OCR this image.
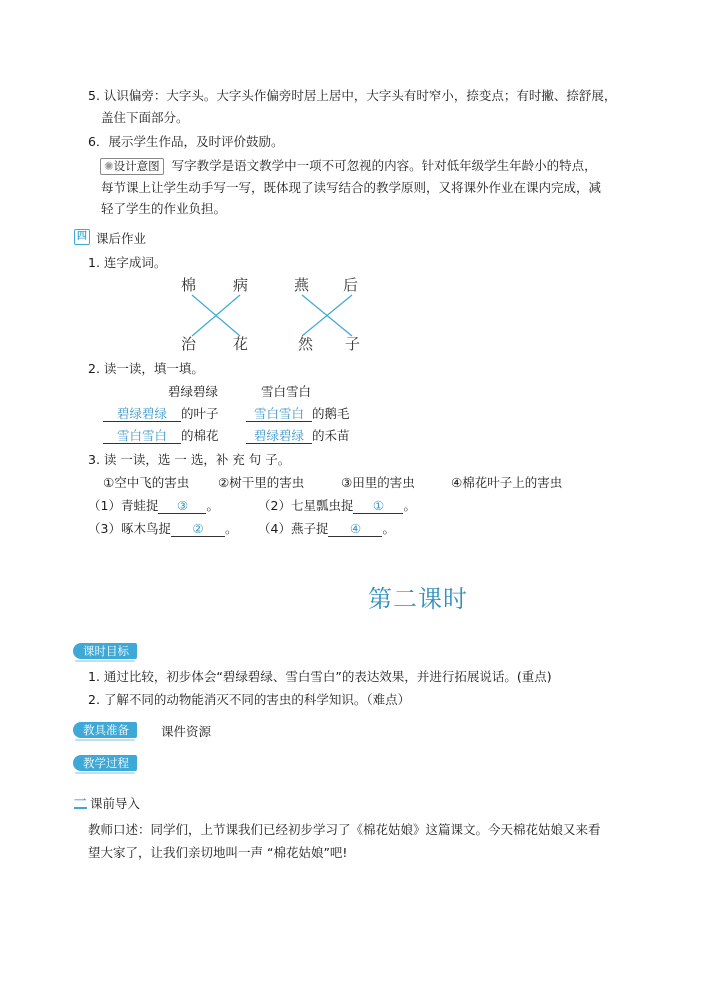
5. 认识偏旁：大字头。大字头作偏旁时居上居中，大字头有时窄小，捺变点；有时撇、捺舒展，
盖住下面部分。
6．展示学生作品，及时评价鼓励。
✺设计意图 写字教学是语文教学中一项不可忽视的内容。针对低年级学生年龄小的特点，
每节课上让学生动手写一写，既体现了读写结合的教学原则，又将课外作业在课内完成，减
轻了学生的作业负担。
四 课后作业
1. 连字成词。
棉 病	燕 后
治 花	然 子
2. 读一读，填一填。
碧绿碧绿	雪白雪白
碧绿碧绿 的叶子	雪白雪白 的鹅毛
雪白雪白 的棉花	碧绿碧绿 的禾苗
3. 读 一读，选 一 选，补 充 句 子。
①空中飞的害虫 ②树干里的害虫	③田里的害虫	④棉花叶子上的害虫
（1）青蛙捉 ③ 。	（2）七星瓢虫捉 ① 。
（3）啄木鸟捉 ② 。 （4）燕子捉 ④ 。
第二课时
课时目标
1. 通过比较，初步体会“碧绿碧绿、雪白雪白”的表达效果，并进行拓展说话。(重点)
2. 了解不同的动物能消灭不同的害虫的科学知识。（难点）
教具准备	课件资源
教学过程
一 课前导入
教师口述：同学们，上节课我们已经初步学习了《棉花姑娘》这篇课文。今天棉花姑娘又来看
望大家了，让我们亲切地叫一声 “棉花姑娘”吧!
